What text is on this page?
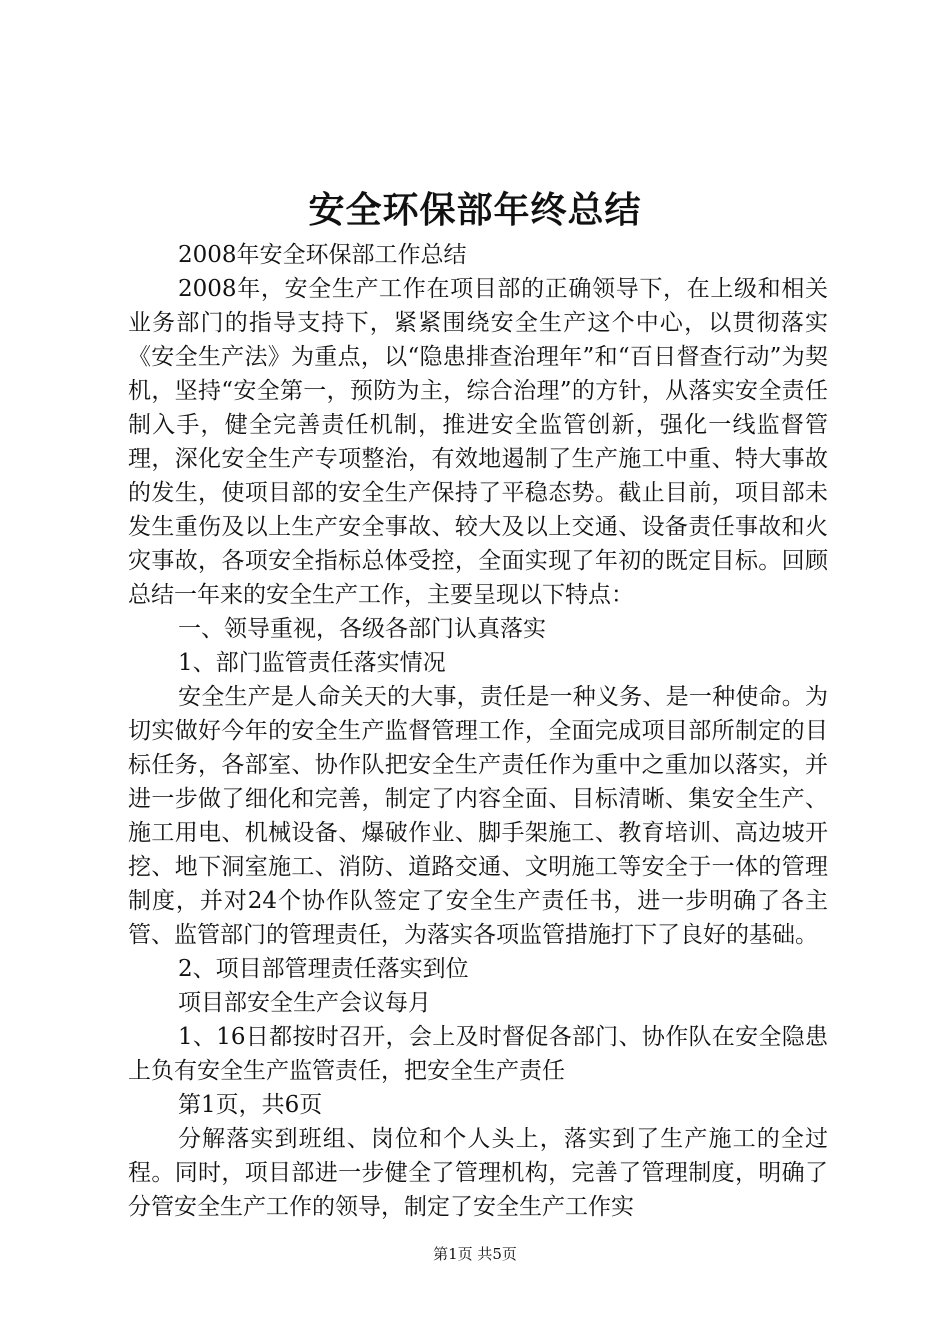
安全环保部年终总结

2008年安全环保部工作总结

2008年，安全生产工作在项目部的正确领导下，在上级和相关业务部门的指导支持下，紧紧围绕安全生产这个中心，以贯彻落实《安全生产法》为重点，以“隐患排查治理年”和“百日督查行动”为契机，坚持“安全第一，预防为主，综合治理”的方针，从落实安全责任制入手，健全完善责任机制，推进安全监管创新，强化一线监督管理，深化安全生产专项整治，有效地遏制了生产施工中重、特大事故的发生，使项目部的安全生产保持了平稳态势。截止目前，项目部未发生重伤及以上生产安全事故、较大及以上交通、设备责任事故和火灾事故，各项安全指标总体受控，全面实现了年初的既定目标。回顾总结一年来的安全生产工作，主要呈现以下特点：

一、领导重视，各级各部门认真落实

1、部门监管责任落实情况

安全生产是人命关天的大事，责任是一种义务、是一种使命。为切实做好今年的安全生产监督管理工作，全面完成项目部所制定的目标任务，各部室、协作队把安全生产责任作为重中之重加以落实，并进一步做了细化和完善，制定了内容全面、目标清晰、集安全生产、施工用电、机械设备、爆破作业、脚手架施工、教育培训、高边坡开挖、地下洞室施工、消防、道路交通、文明施工等安全于一体的管理制度，并对24个协作队签定了安全生产责任书，进一步明确了各主管、监管部门的管理责任，为落实各项监管措施打下了良好的基础。

2、项目部管理责任落实到位

项目部安全生产会议每月

1、16日都按时召开，会上及时督促各部门、协作队在安全隐患上负有安全生产监管责任，把安全生产责任

第1页，共6页

分解落实到班组、岗位和个人头上，落实到了生产施工的全过程。同时，项目部进一步健全了管理机构，完善了管理制度，明确了分管安全生产工作的领导，制定了安全生产工作实

第1页 共5页
